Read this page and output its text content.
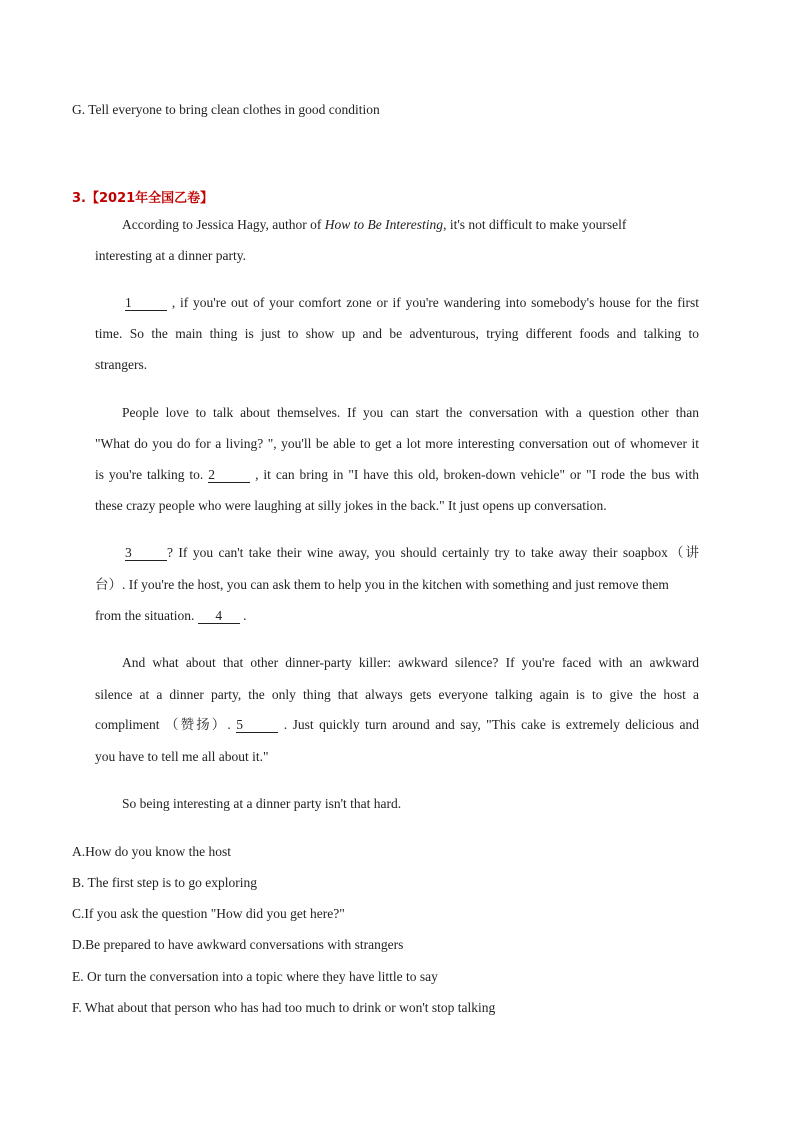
G. Tell everyone to bring clean clothes in good condition
3.【2021年全国乙卷】
According to Jessica Hagy, author of How to Be Interesting, it's not difficult to make yourself
interesting at a dinner party.
1	, if you're out of your comfort zone or if you're wandering into somebody's house for the first
time. So the main thing is just to show up and be adventurous, trying different foods and talking to
strangers.
People love to talk about themselves. If you can start the conversation with a question other than
"What do you do for a living? ", you'll be able to get a lot more interesting conversation out of whomever it
is you're talking to. 2	, it can bring in "I have this old, broken-down vehicle" or "I rode the bus with
these crazy people who were laughing at silly jokes in the back." It just opens up conversation.
3	? If you can't take their wine away, you should certainly try to take away their soapbox（讲
台）. If you're the host, you can ask them to help you in the kitchen with something and just remove them
from the situation. 4 .
And what about that other dinner-party killer: awkward silence? If you're faced with an awkward
silence at a dinner party, the only thing that always gets everyone talking again is to give the host a
compliment （赞扬）. 5	. Just quickly turn around and say, "This cake is extremely delicious and
you have to tell me all about it."
So being interesting at a dinner party isn't that hard.
A.How do you know the host
B. The first step is to go exploring
C.If you ask the question "How did you get here?"
D.Be prepared to have awkward conversations with strangers
E. Or turn the conversation into a topic where they have little to say
F. What about that person who has had too much to drink or won't stop talking
